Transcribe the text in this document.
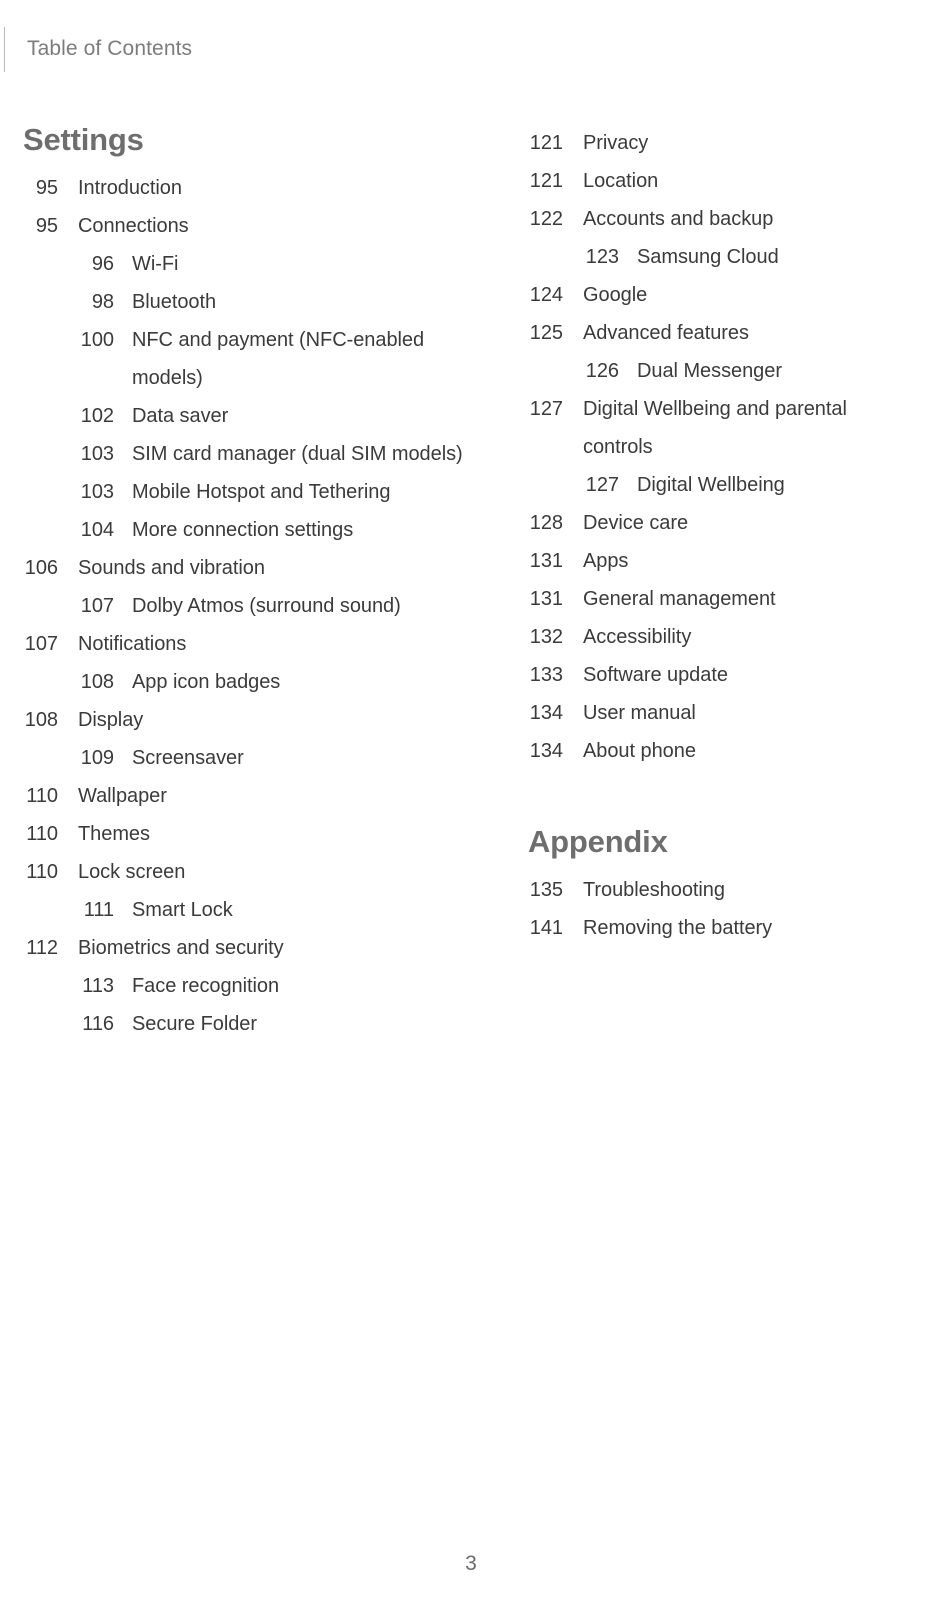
Table of Contents
Settings
95 Introduction
95 Connections
96 Wi-Fi
98 Bluetooth
100 NFC and payment (NFC-enabled models)
102 Data saver
103 SIM card manager (dual SIM models)
103 Mobile Hotspot and Tethering
104 More connection settings
106 Sounds and vibration
107 Dolby Atmos (surround sound)
107 Notifications
108 App icon badges
108 Display
109 Screensaver
110 Wallpaper
110 Themes
110 Lock screen
111 Smart Lock
112 Biometrics and security
113 Face recognition
116 Secure Folder
121 Privacy
121 Location
122 Accounts and backup
123 Samsung Cloud
124 Google
125 Advanced features
126 Dual Messenger
127 Digital Wellbeing and parental controls
127 Digital Wellbeing
128 Device care
131 Apps
131 General management
132 Accessibility
133 Software update
134 User manual
134 About phone
Appendix
135 Troubleshooting
141 Removing the battery
3
